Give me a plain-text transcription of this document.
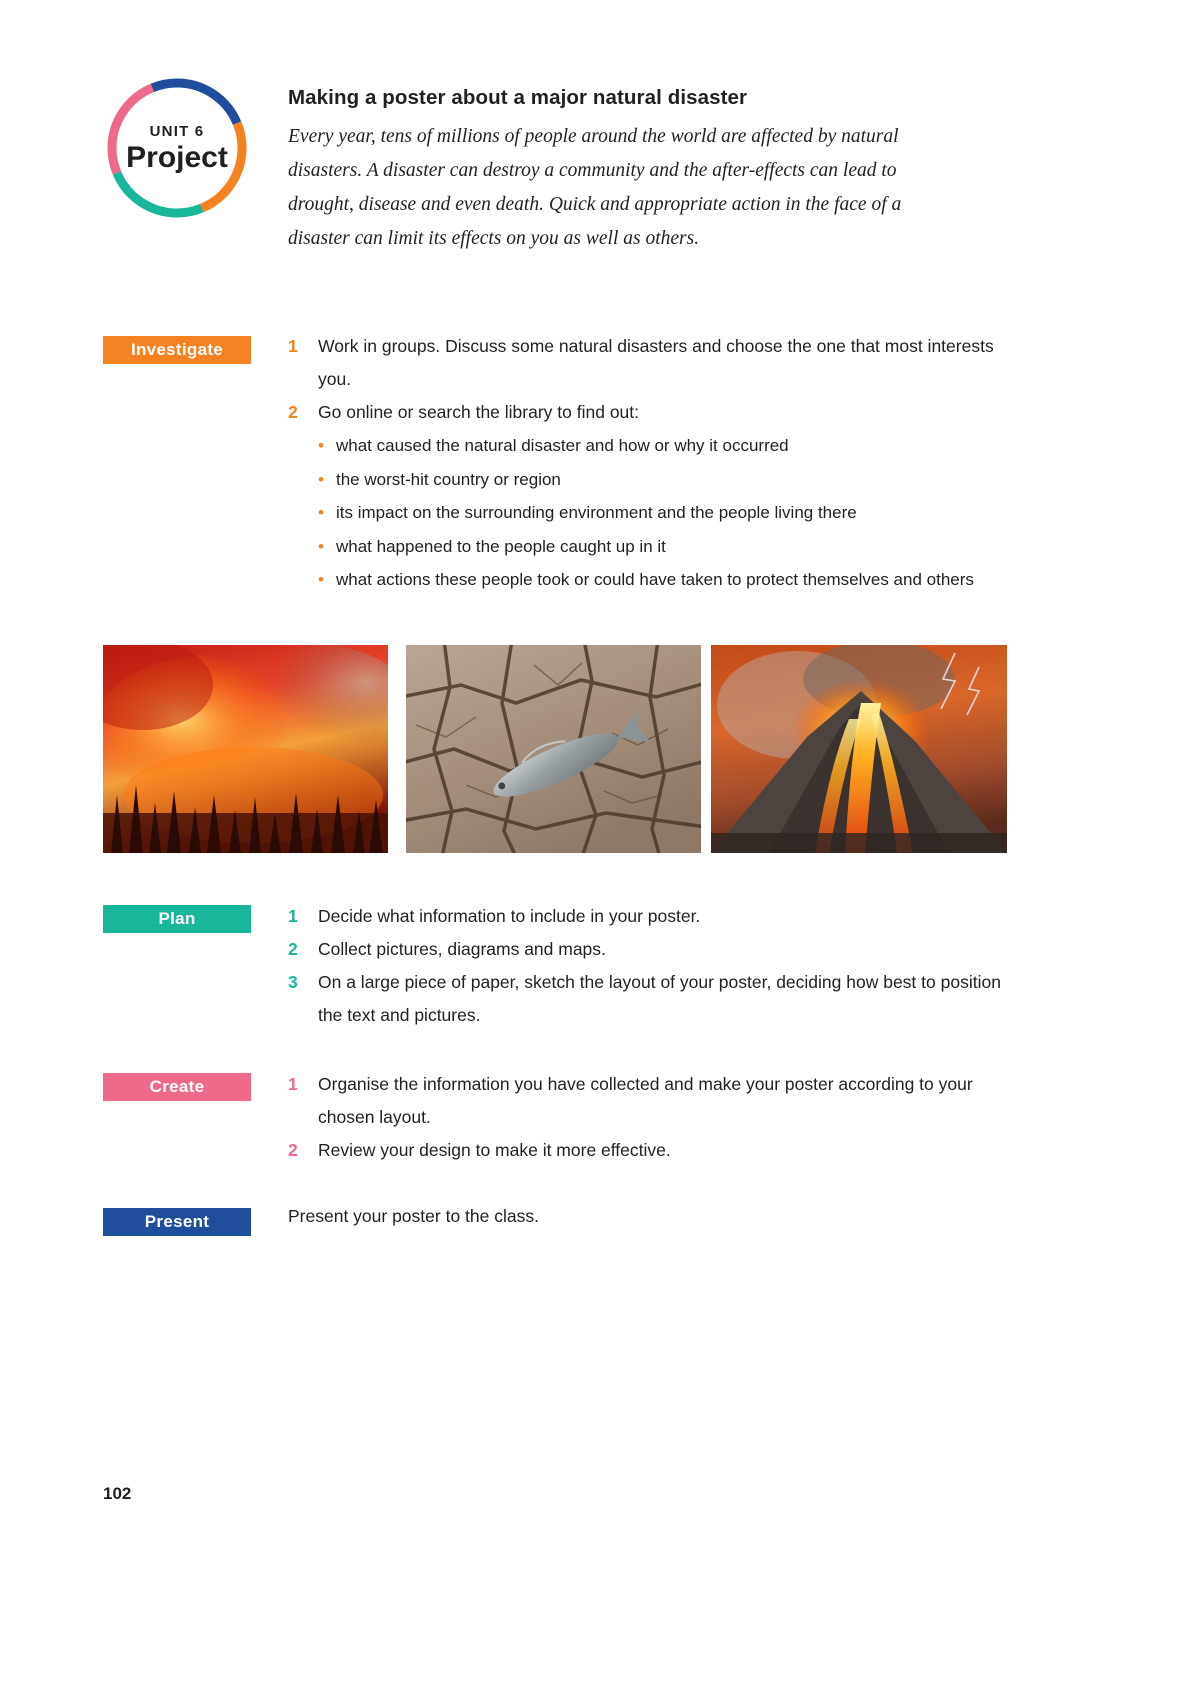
UNIT 6
Project
Making a poster about a major natural disaster
Every year, tens of millions of people around the world are affected by natural disasters. A disaster can destroy a community and the after-effects can lead to drought, disease and even death. Quick and appropriate action in the face of a disaster can limit its effects on you as well as others.
Investigate	1 Work in groups. Discuss some natural disasters and choose the one that most interests you.
2 Go online or search the library to find out:
• what caused the natural disaster and how or why it occurred
• the worst-hit country or region
• its impact on the surrounding environment and the people living there
• what happened to the people caught up in it
• what actions these people took or could have taken to protect themselves and others
Plan	1 Decide what information to include in your poster.
2 Collect pictures, diagrams and maps.
3 On a large piece of paper, sketch the layout of your poster, deciding how best to position the text and pictures.
Create	1 Organise the information you have collected and make your poster according to your chosen layout.
2 Review your design to make it more effective.
Present	Present your poster to the class.
102
